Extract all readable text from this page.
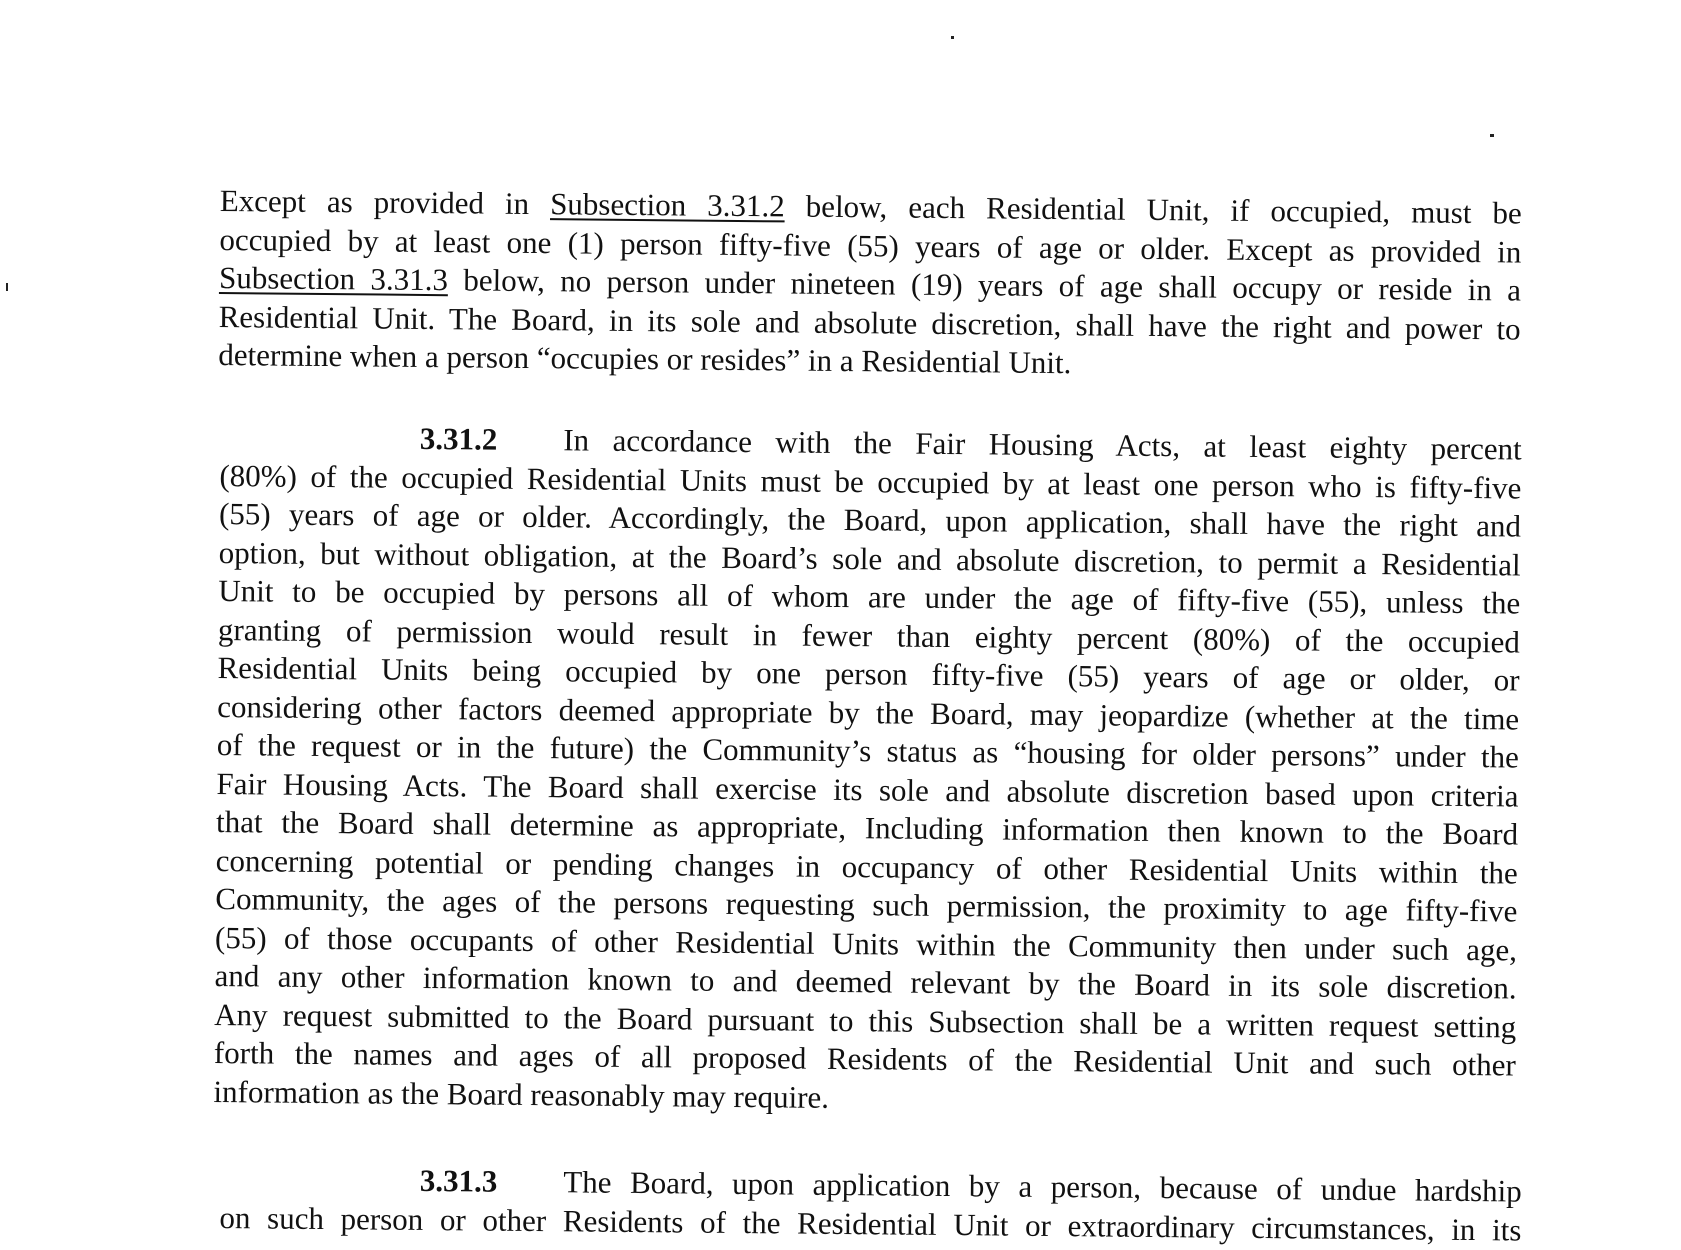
Except as provided in Subsection 3.31.2 below, each Residential Unit, if occupied, must be
occupied by at least one (1) person fifty-five (55) years of age or older. Except as provided in
Subsection 3.31.3 below, no person under nineteen (19) years of age shall occupy or reside in a
Residential Unit. The Board, in its sole and absolute discretion, shall have the right and power to
determine when a person “occupies or resides” in a Residential Unit.
3.31.2 In accordance with the Fair Housing Acts, at least eighty percent
(80%) of the occupied Residential Units must be occupied by at least one person who is fifty-five
(55) years of age or older. Accordingly, the Board, upon application, shall have the right and
option, but without obligation, at the Board’s sole and absolute discretion, to permit a Residential
Unit to be occupied by persons all of whom are under the age of fifty-five (55), unless the
granting of permission would result in fewer than eighty percent (80%) of the occupied
Residential Units being occupied by one person fifty-five (55) years of age or older, or
considering other factors deemed appropriate by the Board, may jeopardize (whether at the time
of the request or in the future) the Community’s status as “housing for older persons” under the
Fair Housing Acts. The Board shall exercise its sole and absolute discretion based upon criteria
that the Board shall determine as appropriate, Including information then known to the Board
concerning potential or pending changes in occupancy of other Residential Units within the
Community, the ages of the persons requesting such permission, the proximity to age fifty-five
(55) of those occupants of other Residential Units within the Community then under such age,
and any other information known to and deemed relevant by the Board in its sole discretion.
Any request submitted to the Board pursuant to this Subsection shall be a written request setting
forth the names and ages of all proposed Residents of the Residential Unit and such other
information as the Board reasonably may require.
3.31.3 The Board, upon application by a person, because of undue hardship
on such person or other Residents of the Residential Unit or extraordinary circumstances, in its
